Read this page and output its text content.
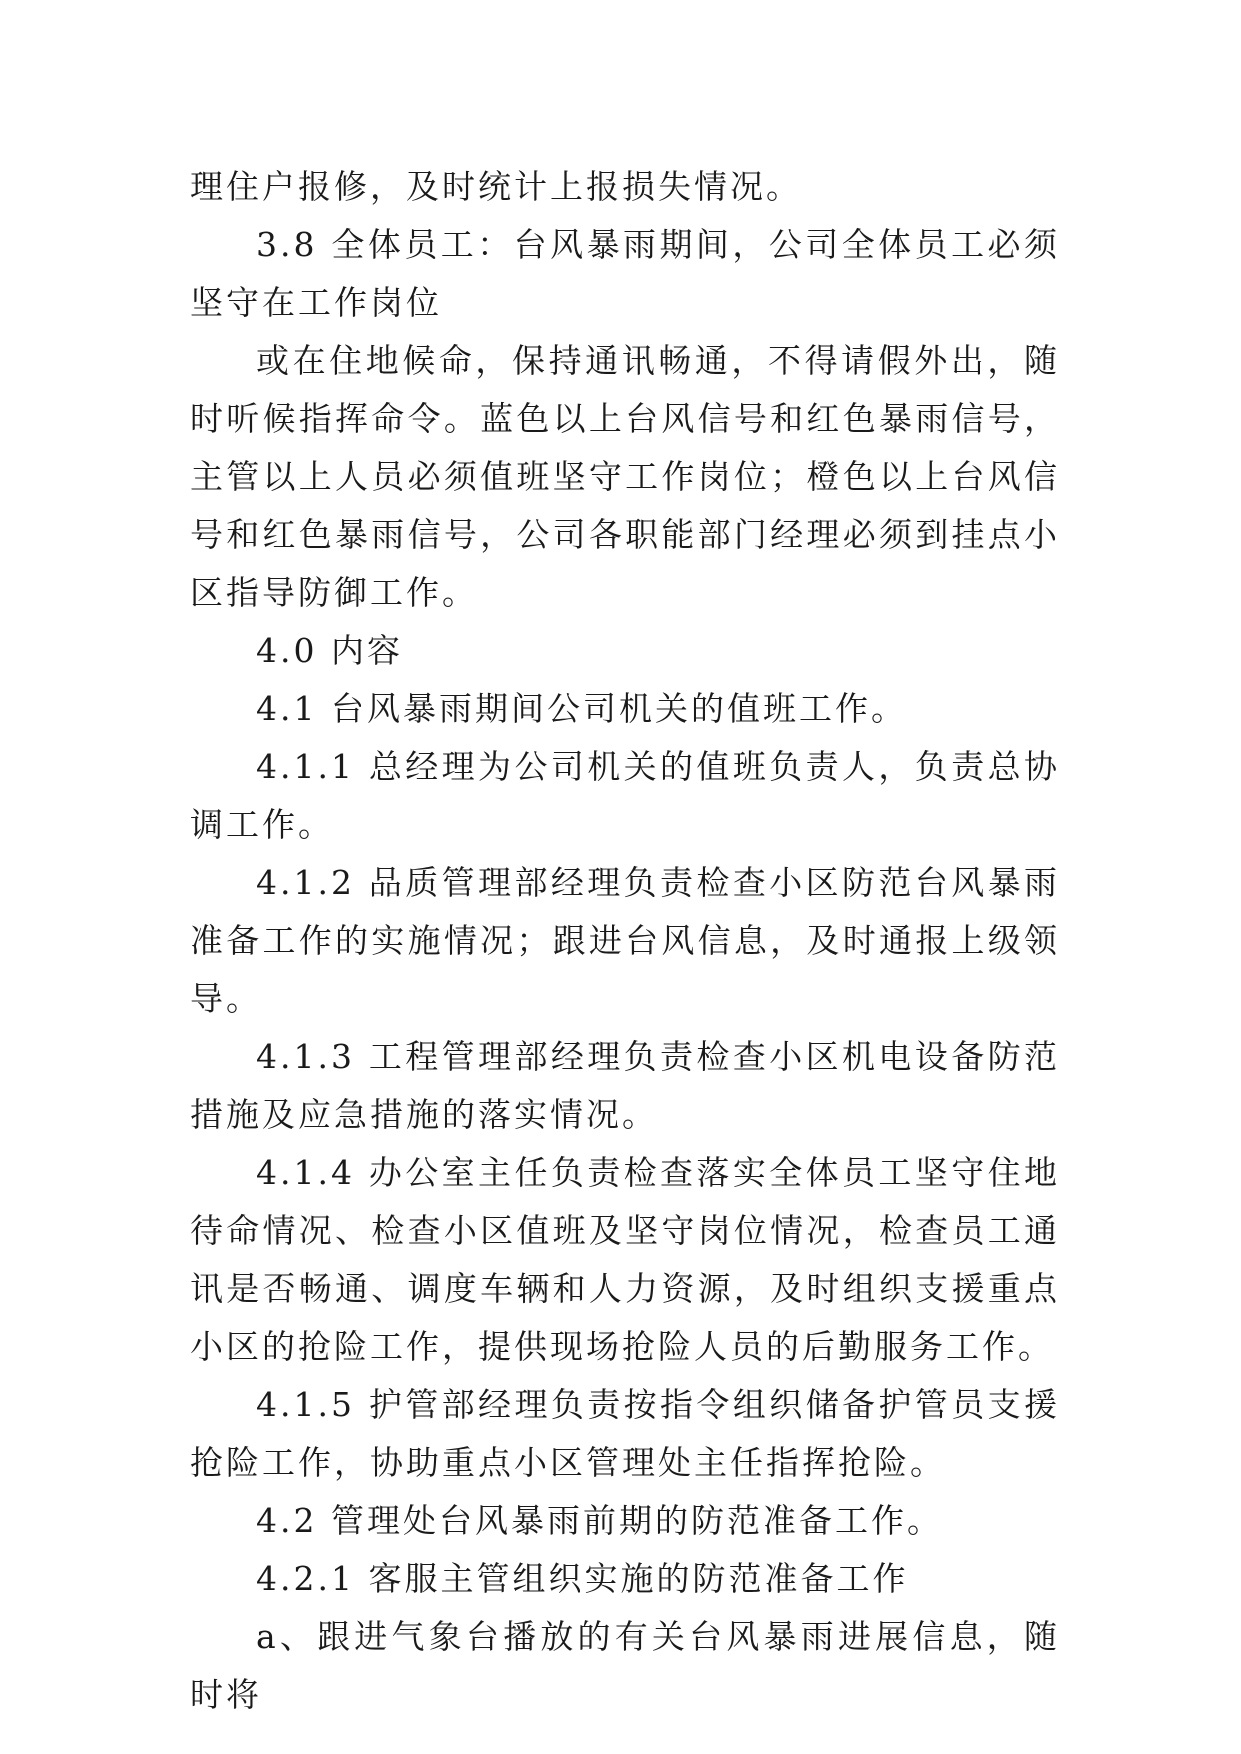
理住户报修，及时统计上报损失情况。

3.8 全体员工：台风暴雨期间，公司全体员工必须坚守在工作岗位

或在住地候命，保持通讯畅通，不得请假外出，随时听候指挥命令。蓝色以上台风信号和红色暴雨信号，主管以上人员必须值班坚守工作岗位；橙色以上台风信号和红色暴雨信号，公司各职能部门经理必须到挂点小区指导防御工作。

4.0 内容

4.1 台风暴雨期间公司机关的值班工作。

4.1.1 总经理为公司机关的值班负责人，负责总协调工作。

4.1.2 品质管理部经理负责检查小区防范台风暴雨准备工作的实施情况；跟进台风信息，及时通报上级领导。

4.1.3 工程管理部经理负责检查小区机电设备防范措施及应急措施的落实情况。

4.1.4 办公室主任负责检查落实全体员工坚守住地待命情况、检查小区值班及坚守岗位情况，检查员工通讯是否畅通、调度车辆和人力资源，及时组织支援重点小区的抢险工作，提供现场抢险人员的后勤服务工作。

4.1.5 护管部经理负责按指令组织储备护管员支援抢险工作，协助重点小区管理处主任指挥抢险。

4.2 管理处台风暴雨前期的防范准备工作。

4.2.1 客服主管组织实施的防范准备工作

a、跟进气象台播放的有关台风暴雨进展信息，随时将
